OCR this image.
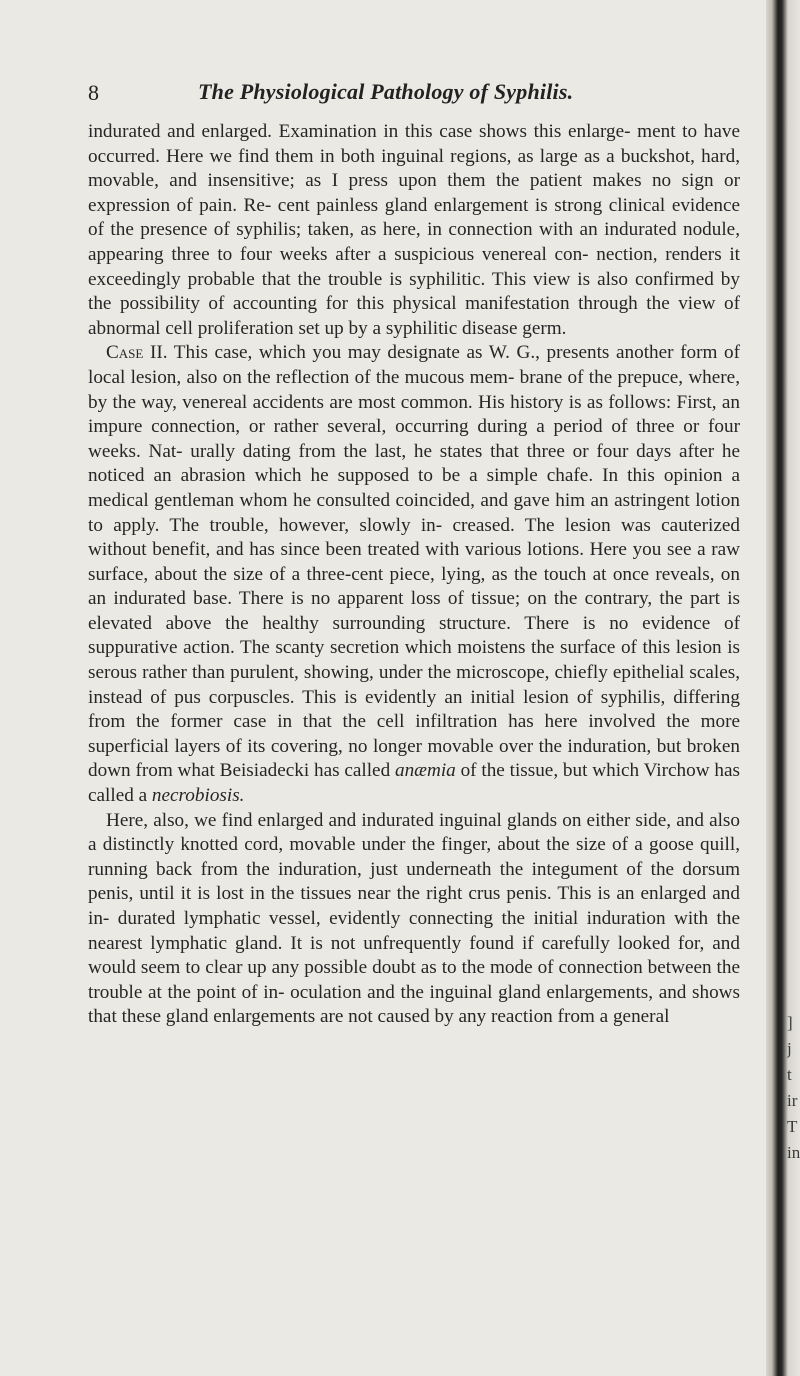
8	The Physiological Pathology of Syphilis.

indurated and enlarged. Examination in this case shows this enlarge- ment to have occurred. Here we find them in both inguinal regions, as large as a buckshot, hard, movable, and insensitive; as I press upon them the patient makes no sign or expression of pain. Re- cent painless gland enlargement is strong clinical evidence of the presence of syphilis; taken, as here, in connection with an indurated nodule, appearing three to four weeks after a suspicious venereal con- nection, renders it exceedingly probable that the trouble is syphilitic. This view is also confirmed by the possibility of accounting for this physical manifestation through the view of abnormal cell proliferation set up by a syphilitic disease germ.

Case II. This case, which you may designate as W. G., presents another form of local lesion, also on the reflection of the mucous mem- brane of the prepuce, where, by the way, venereal accidents are most common. His history is as follows: First, an impure connection, or rather several, occurring during a period of three or four weeks. Nat- urally dating from the last, he states that three or four days after he noticed an abrasion which he supposed to be a simple chafe. In this opinion a medical gentleman whom he consulted coincided, and gave him an astringent lotion to apply. The trouble, however, slowly in- creased. The lesion was cauterized without benefit, and has since been treated with various lotions. Here you see a raw surface, about the size of a three-cent piece, lying, as the touch at once reveals, on an indurated base. There is no apparent loss of tissue; on the contrary, the part is elevated above the healthy surrounding structure. There is no evidence of suppurative action. The scanty secretion which moistens the surface of this lesion is serous rather than purulent, showing, under the microscope, chiefly epithelial scales, instead of pus corpuscles. This is evidently an initial lesion of syphilis, differing from the former case in that the cell infiltration has here involved the more superficial layers of its covering, no longer movable over the induration, but broken down from what Beisiadecki has called anæmia of the tissue, but which Virchow has called a necrobiosis.

Here, also, we find enlarged and indurated inguinal glands on either side, and also a distinctly knotted cord, movable under the finger, about the size of a goose quill, running back from the induration, just underneath the integument of the dorsum penis, until it is lost in the tissues near the right crus penis. This is an enlarged and in- durated lymphatic vessel, evidently connecting the initial induration with the nearest lymphatic gland. It is not unfrequently found if carefully looked for, and would seem to clear up any possible doubt as to the mode of connection between the trouble at the point of in- oculation and the inguinal gland enlargements, and shows that these gland enlargements are not caused by any reaction from a general	]
j
t
ir
T
in
